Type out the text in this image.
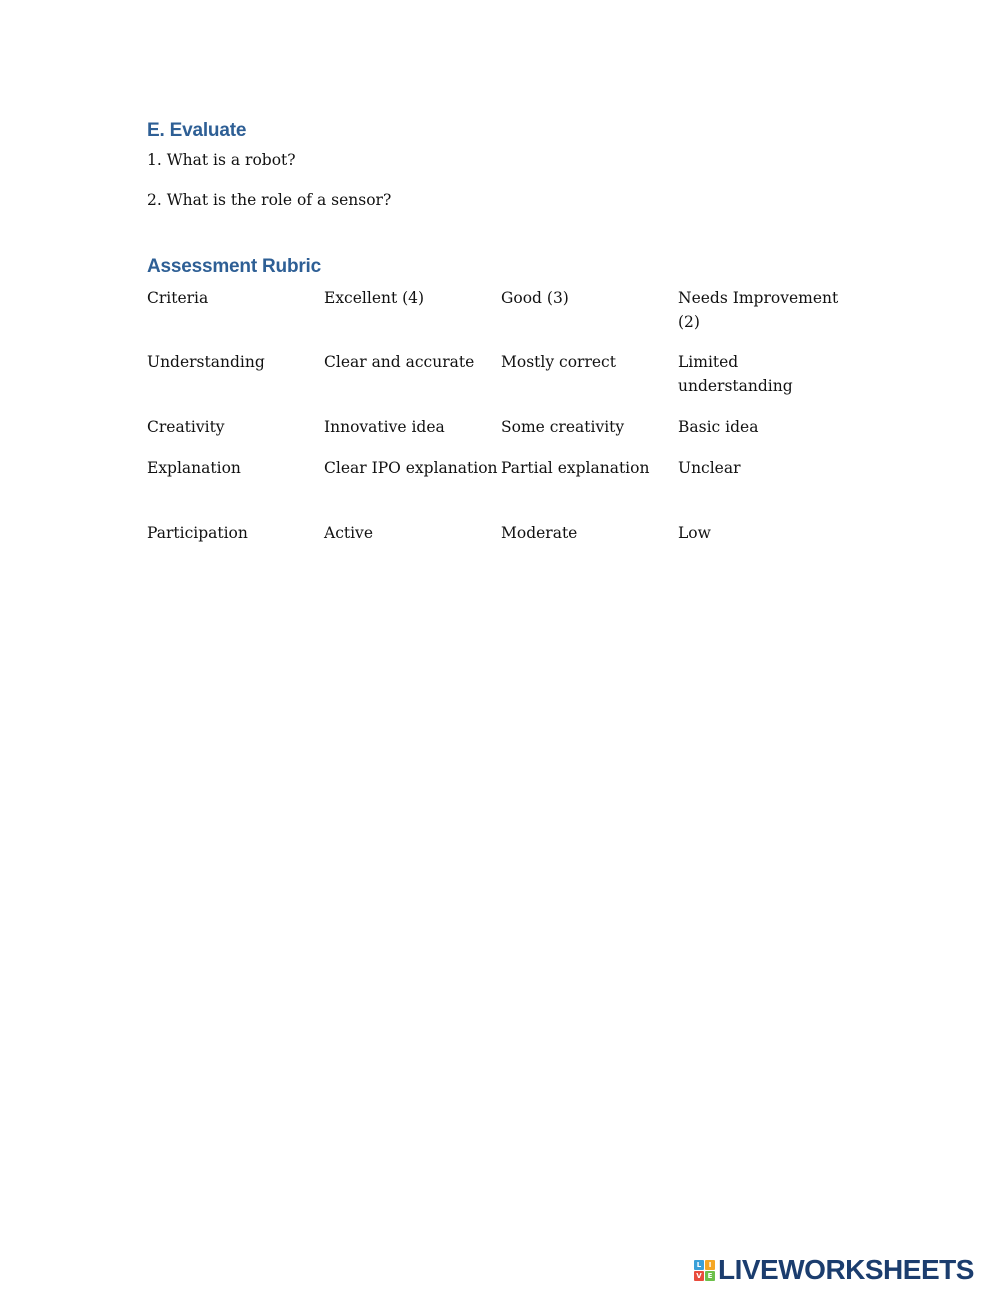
E. Evaluate

1. What is a robot?

2. What is the role of a sensor?

Assessment Rubric
Criteria	Excellent (4)	Good (3)	Needs Improvement (2)
Understanding	Clear and accurate	Mostly correct	Limited understanding
Creativity	Innovative idea	Some creativity	Basic idea
Explanation	Clear IPO explanation	Partial explanation	Unclear
Participation	Active	Moderate	Low
L	I
V E LIVEWORKSHEETS
